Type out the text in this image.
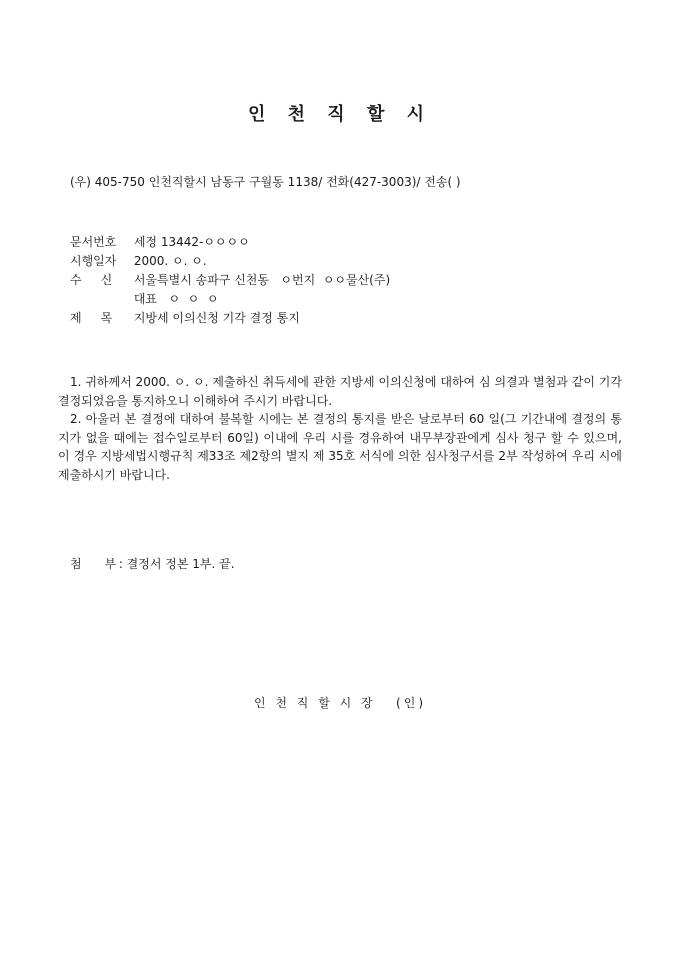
인 천 직 할 시
(우) 405-750 인천직할시 남동구 구월동 1138/ 전화(427-3003)/ 전송( )
문서번호 세정 13442-ㅇㅇㅇㅇ
시행일자 2000. ㅇ. ㅇ.
수     신 서울특별시 송파구 신천동   ㅇ번지  ㅇㅇ물산(주)
대표   ㅇ  ㅇ  ㅇ
제     목 지방세 이의신청 기각 결정 통지

1. 귀하께서 2000. ㅇ. ㅇ. 제출하신 취득세에 관한 지방세 이의신청에 대하여 심 의결과 별첨과 같이 기각 결정되었음을 통지하오니 이해하여 주시기 바랍니다.

2. 아울러 본 결정에 대하여 불복할 시에는 본 결정의 통지를 받은 날로부터 60 일(그 기간내에 결정의 통지가 없을 때에는 접수일로부터 60일) 이내에 우리 시를 경유하여 내무부장관에게 심사 청구 할 수 있으며, 이 경우 지방세법시행규칙 제33조 제2항의 별지 제 35호 서식에 의한 심사청구서를 2부 작성하여 우리 시에 제출하시기 바랍니다.

첨      부 : 결정서 정본 1부. 끝.
인 천 직 할 시 장   (인)
